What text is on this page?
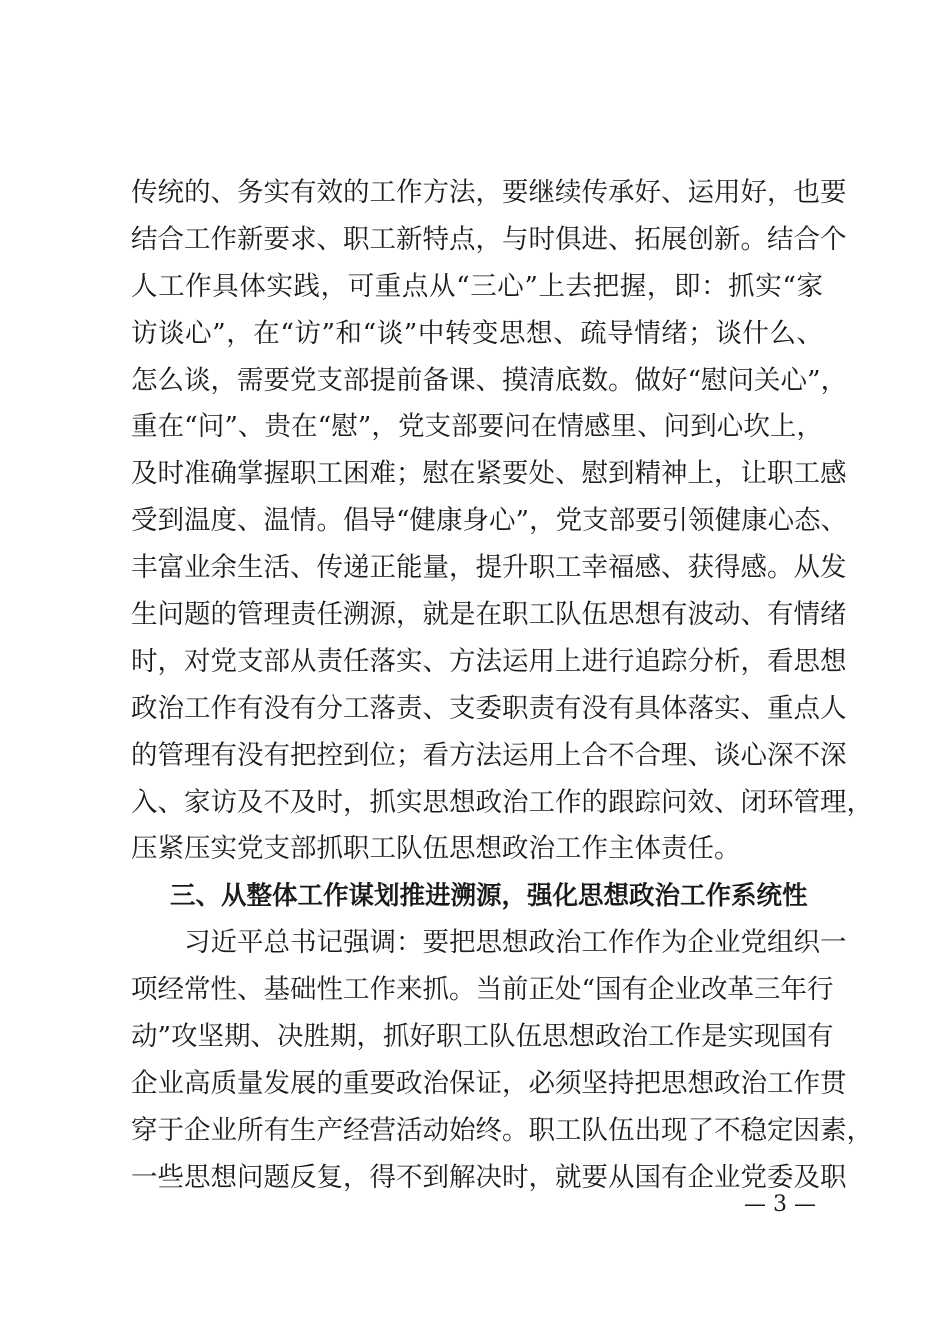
传统的、务实有效的工作方法，要继续传承好、运用好，也要
结合工作新要求、职工新特点，与时俱进、拓展创新。结合个
人工作具体实践，可重点从“三心”上去把握，即：抓实“家
访谈心”，在“访”和“谈”中转变思想、疏导情绪；谈什么、
怎么谈，需要党支部提前备课、摸清底数。做好“慰问关心”，
重在“问”、贵在“慰”，党支部要问在情感里、问到心坎上，
及时准确掌握职工困难；慰在紧要处、慰到精神上，让职工感
受到温度、温情。倡导“健康身心”，党支部要引领健康心态、
丰富业余生活、传递正能量，提升职工幸福感、获得感。从发
生问题的管理责任溯源，就是在职工队伍思想有波动、有情绪
时，对党支部从责任落实、方法运用上进行追踪分析，看思想
政治工作有没有分工落责、支委职责有没有具体落实、重点人
的管理有没有把控到位；看方法运用上合不合理、谈心深不深
入、家访及不及时，抓实思想政治工作的跟踪问效、闭环管理，
压紧压实党支部抓职工队伍思想政治工作主体责任。
三、从整体工作谋划推进溯源，强化思想政治工作系统性
习近平总书记强调：要把思想政治工作作为企业党组织一
项经常性、基础性工作来抓。当前正处“国有企业改革三年行
动”攻坚期、决胜期，抓好职工队伍思想政治工作是实现国有
企业高质量发展的重要政治保证，必须坚持把思想政治工作贯
穿于企业所有生产经营活动始终。职工队伍出现了不稳定因素，
一些思想问题反复，得不到解决时，就要从国有企业党委及职
— 3 —
